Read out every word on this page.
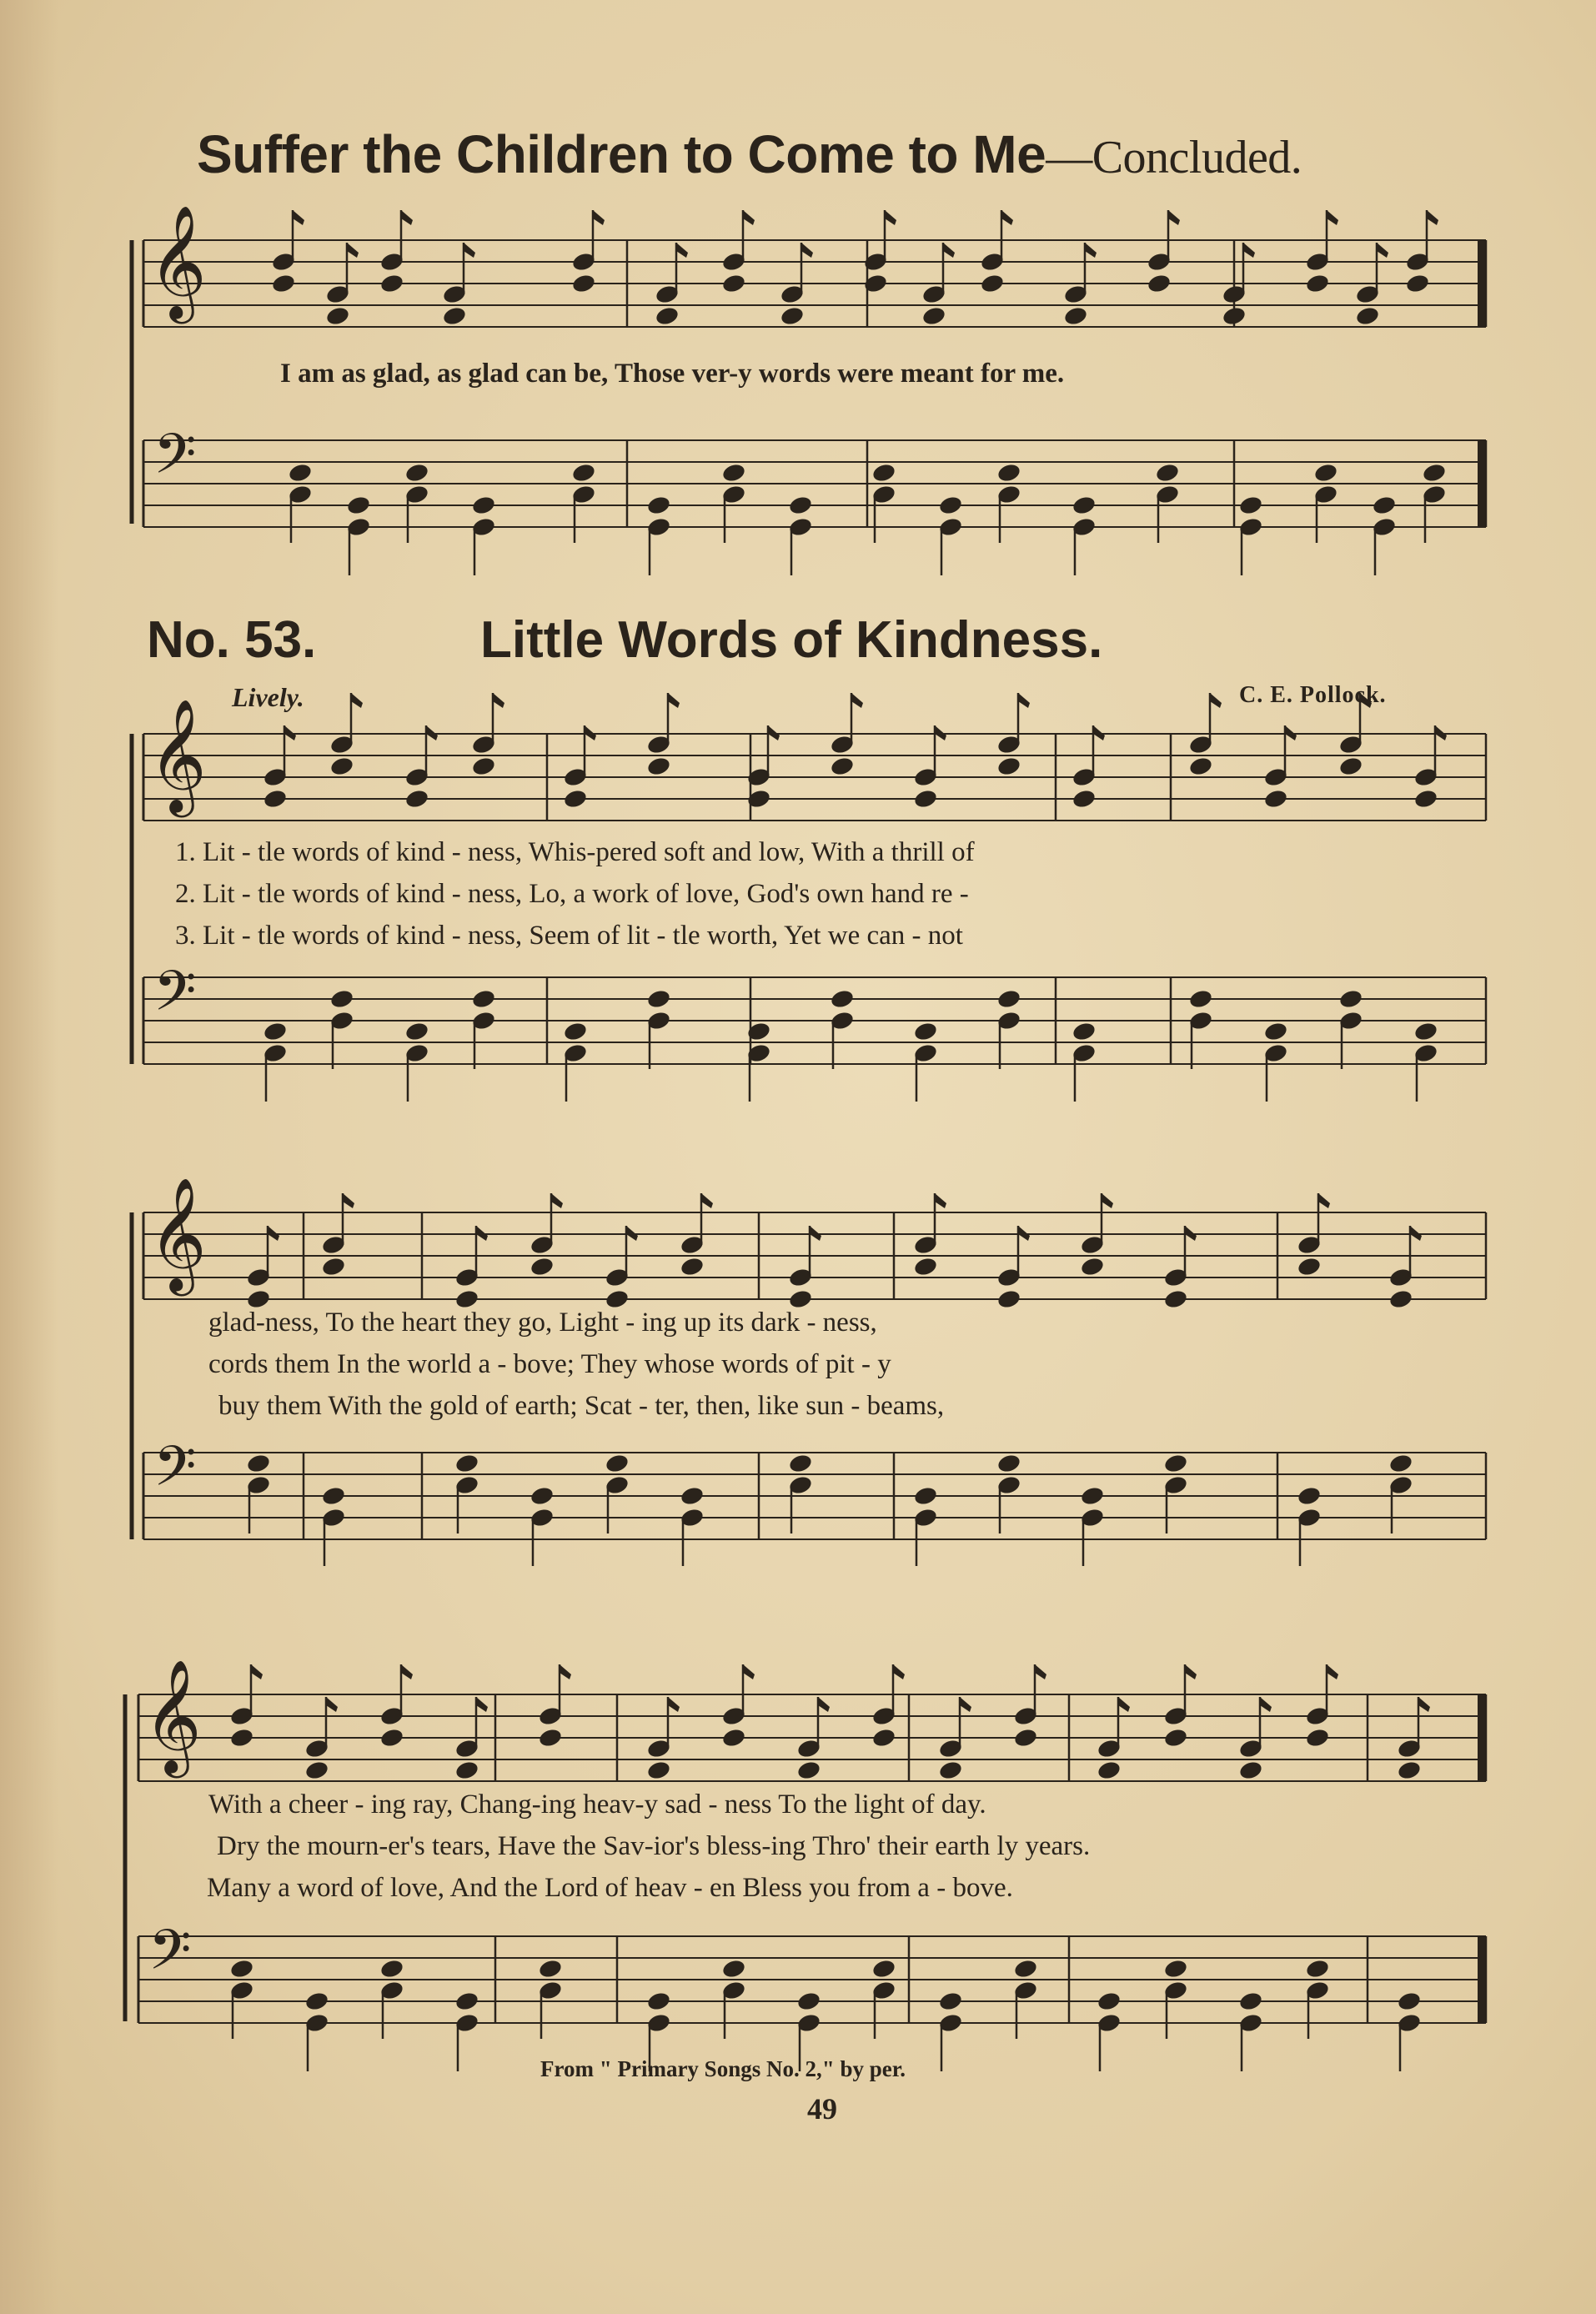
𝄞
𝄢
𝄞
𝄢
𝄞
𝄢
𝄞
𝄢
Suffer the Children to Come to Me—Concluded.
I am as glad, as glad can be, Those ver-y words were meant for me.
No. 53.	Little Words of Kindness.
Lively.	C. E. Pollock.
1. Lit - tle words of kind - ness, Whis-pered soft and low, With a thrill of
2. Lit - tle words of kind - ness, Lo, a work of love, God's own hand re -
3. Lit - tle words of kind - ness, Seem of lit - tle worth, Yet we can - not
glad-ness, To the heart they go, Light - ing up its dark - ness,
cords them In the world a - bove; They whose words of pit - y
buy them With the gold of earth; Scat - ter, then, like sun - beams,
With a cheer - ing ray, Chang-ing heav-y sad - ness To the light of day.
Dry the mourn-er's tears, Have the Sav-ior's bless-ing Thro' their earth ly years.
Many a word of love, And the Lord of heav - en Bless you from a - bove.
From " Primary Songs No. 2," by per.
49
